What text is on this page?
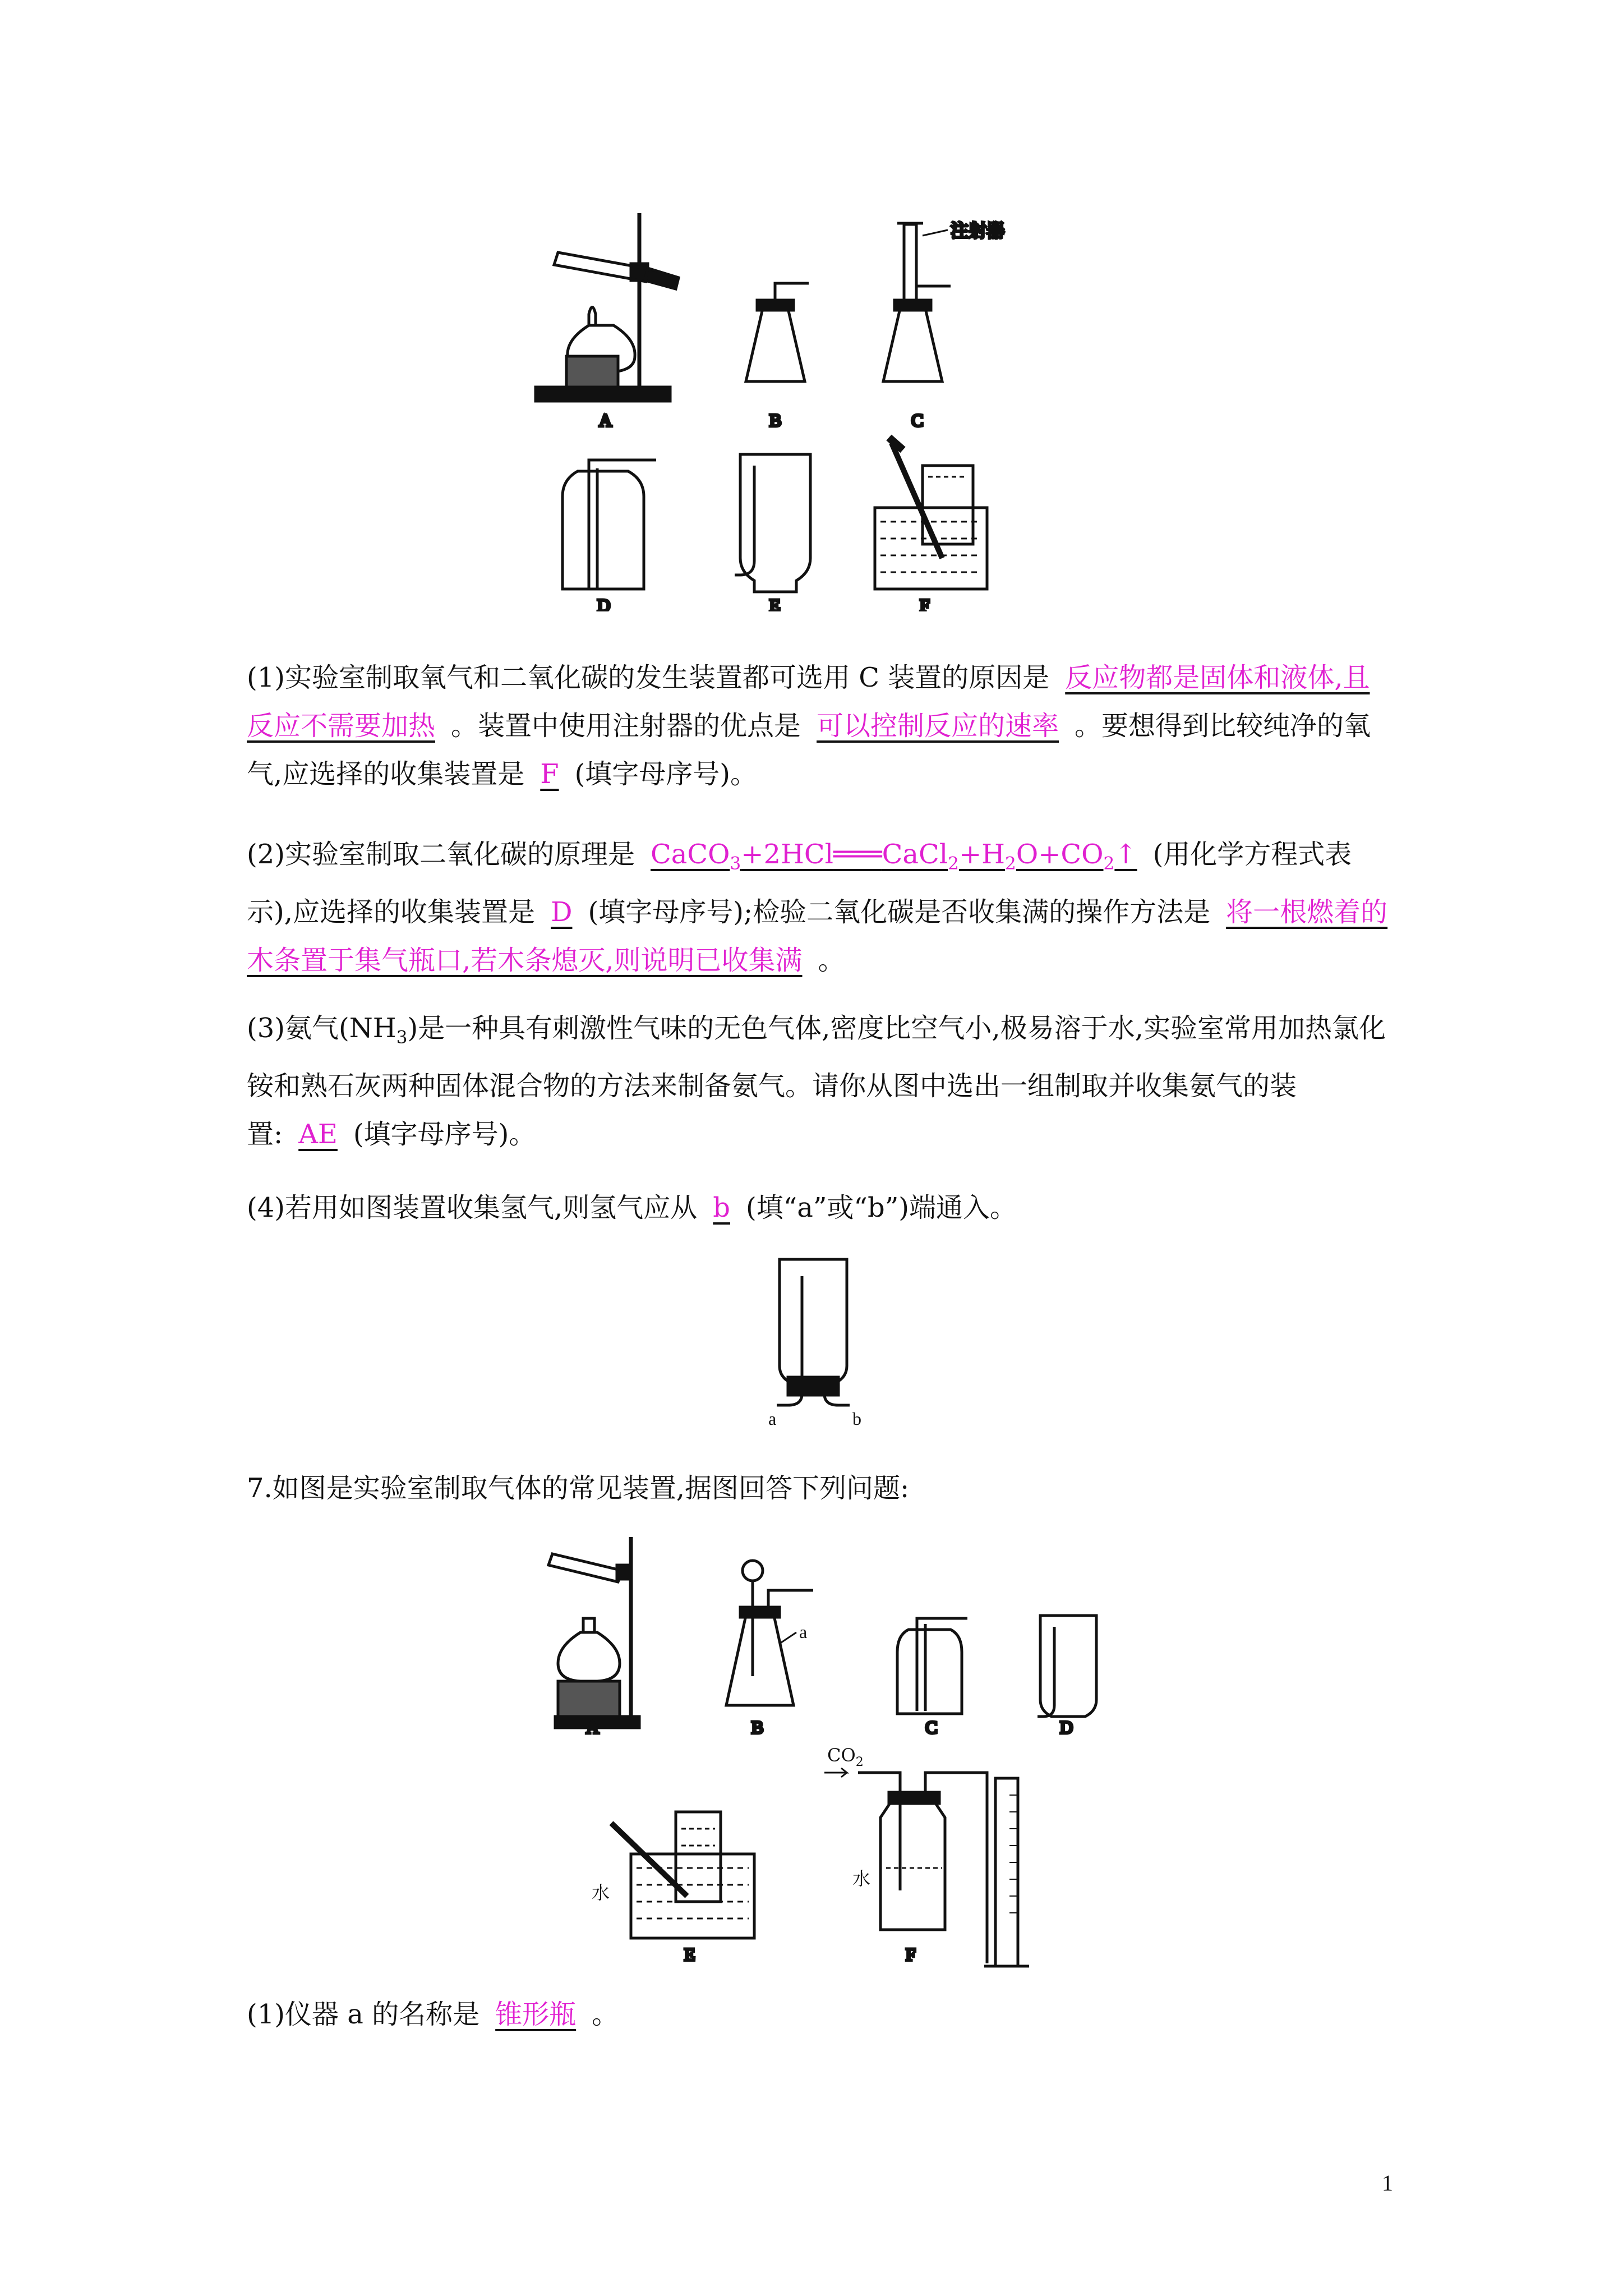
A	B
注射器
C
D	E	F
(1)实验室制取氧气和二氧化碳的发生装置都可选用 C 装置的原因是 反应物都是固体和液体,且反应不需要加热 。装置中使用注射器的优点是 可以控制反应的速率 。要想得到比较纯净的氧气,应选择的收集装置是 F (填字母序号)。
(2)实验室制取二氧化碳的原理是 $CaCO_3+2HCl═══CaCl_2+H_2O+CO_2↑$ (用化学方程式表示),应选择的收集装置是 D (填字母序号);检验二氧化碳是否收集满的操作方法是 将一根燃着的木条置于集气瓶口,若木条熄灭,则说明已收集满 。
(3)氨气$(NH_3)$是一种具有刺激性气味的无色气体,密度比空气小,极易溶于水,实验室常用加热氯化铵和熟石灰两种固体混合物的方法来制备氨气。请你从图中选出一组制取并收集氨气的装置: AE (填字母序号)。
(4)若用如图装置收集氢气,则氢气应从 b (填“a”或“b”)端通入。
a	b
7.如图是实验室制取气体的常见装置,据图回答下列问题:
A
a
B	C	D
水
E
$CO_2$
水
F
(1)仪器 a 的名称是 锥形瓶 。
1
